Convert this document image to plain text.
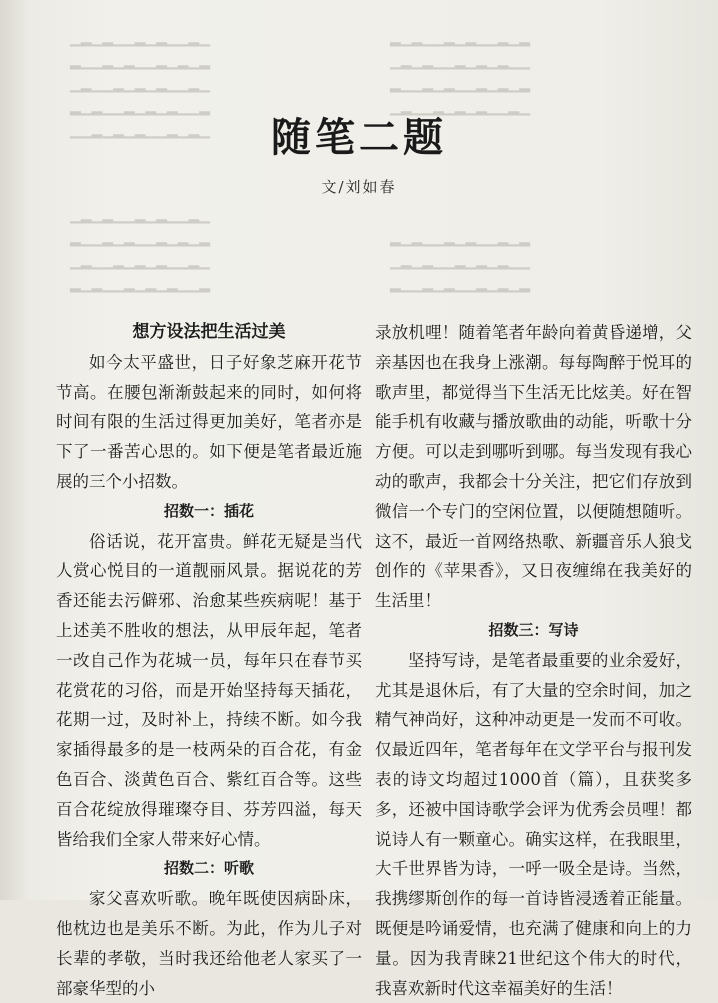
▁▂▁▂▁▁▂▁▂▁▁▂▁
▂▁▁▂▁▂▁▁▂▁▂▁▂
▁▂▁▁▂▁▂▁▂▁▁▂▁
▂▁▂▁▁▂▁▂▁▂▁▁▂
▁▁▂▁▂▁▂▁▁▂▁▂▁
▂▁▂▁▁▂▁▂▁▁▂▁▂
▁▂▁▂▁▁▂▁▂▁▂▁▁
▂▁▁▂▁▂▁▁▂▁▂▁▂
▁▂▁▁▂▁▂▁▂▁▁▂▁
▁▂▁▂▁▁▂▁▂▁▁▂▁
▂▁▁▂▁▂▁▁▂▁▂▁▂
▁▂▁▁▂▁▂▁▂▁▁▂▁
▂▁▂▁▁▂▁▂▁▂▁▁▂
▂▁▂▁▁▂▁▂▁▁▂▁▂
▁▂▁▂▁▁▂▁▂▁▂▁▁
▂▁▁▂▁▂▁▁▂▁▂▁▂
随笔二题
文/刘如春
想方设法把生活过美

如今太平盛世，日子好象芝麻开花节节高。在腰包渐渐鼓起来的同时，如何将时间有限的生活过得更加美好，笔者亦是下了一番苦心思的。如下便是笔者最近施展的三个小招数。

招数一：插花

俗话说，花开富贵。鲜花无疑是当代人赏心悦目的一道靓丽风景。据说花的芳香还能去污僻邪、治愈某些疾病呢！基于上述美不胜收的想法，从甲辰年起，笔者一改自己作为花城一员，每年只在春节买花赏花的习俗，而是开始坚持每天插花，花期一过，及时补上，持续不断。如今我家插得最多的是一枝两朵的百合花，有金色百合、淡黄色百合、紫红百合等。这些百合花绽放得璀璨夺目、芬芳四溢，每天皆给我们全家人带来好心情。

招数二：听歌

家父喜欢听歌。晚年既使因病卧床，他枕边也是美乐不断。为此，作为儿子对长辈的孝敬，当时我还给他老人家买了一部豪华型的小

录放机哩！随着笔者年龄向着黄昏递增，父亲基因也在我身上涨潮。每每陶醉于悦耳的歌声里，都觉得当下生活无比炫美。好在智能手机有收藏与播放歌曲的动能，听歌十分方便。可以走到哪听到哪。每当发现有我心动的歌声，我都会十分关注，把它们存放到微信一个专门的空闲位置，以便随想随听。这不，最近一首网络热歌、新疆音乐人狼戈创作的《苹果香》，又日夜缠绵在我美好的生活里！

招数三：写诗

坚持写诗，是笔者最重要的业余爱好，尤其是退休后，有了大量的空余时间，加之精气神尚好，这种冲动更是一发而不可收。仅最近四年，笔者每年在文学平台与报刊发表的诗文均超过1000首（篇），且获奖多多，还被中国诗歌学会评为优秀会员哩！都说诗人有一颗童心。确实这样，在我眼里，大千世界皆为诗，一呼一吸全是诗。当然，我携缪斯创作的每一首诗皆浸透着正能量。既便是吟诵爱情，也充满了健康和向上的力量。因为我青睐21世纪这个伟大的时代，我喜欢新时代这幸福美好的生活！
